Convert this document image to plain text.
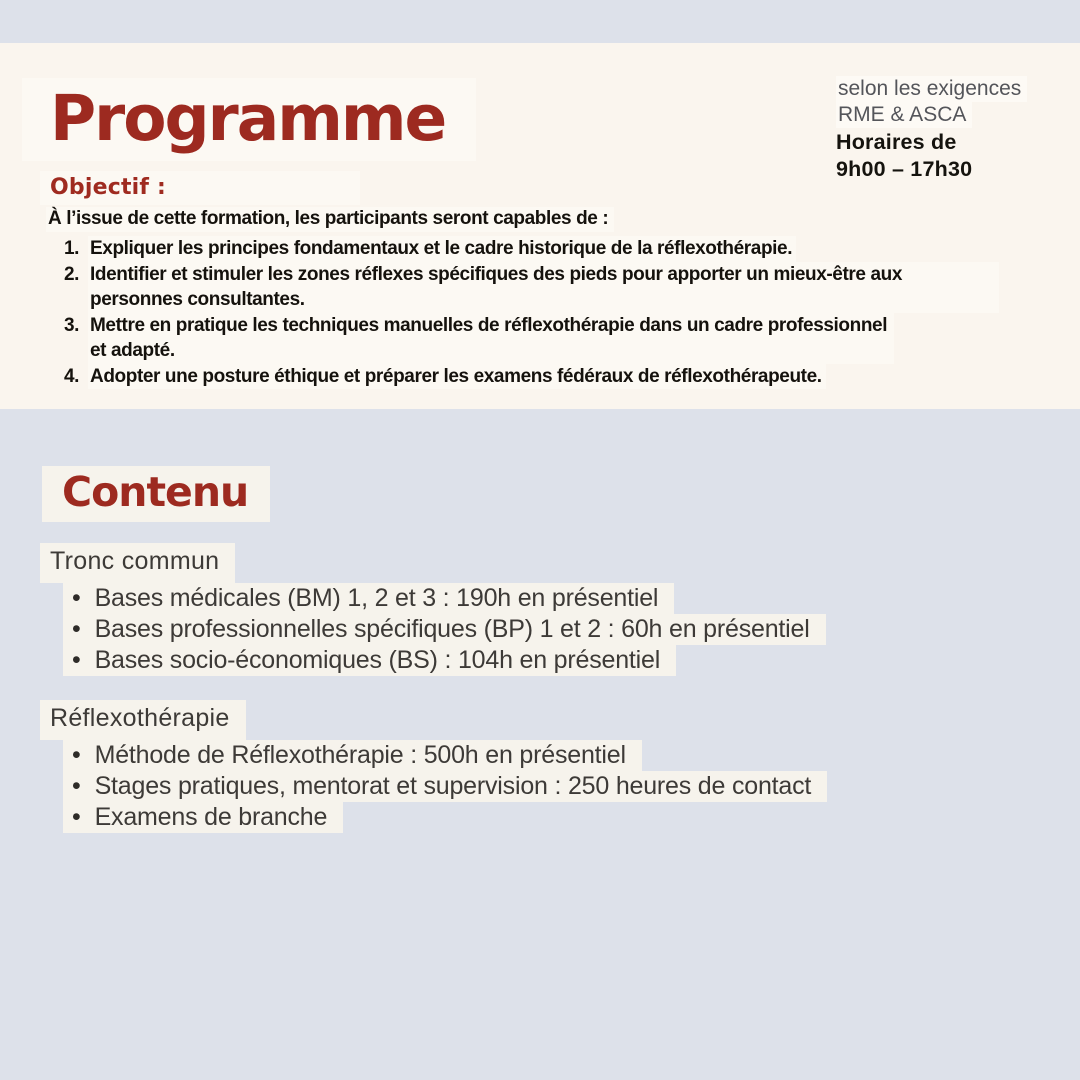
Programme	selon les exigences
RME & ASCA
Horaires de
9h00 – 17h30
Objectif :

À l’issue de cette formation, les participants seront capables de :

Expliquer les principes fondamentaux et le cadre historique de la réflexothérapie.
Identifier et stimuler les zones réflexes spécifiques des pieds pour apporter un mieux-être aux personnes consultantes.
Mettre en pratique les techniques manuelles de réflexothérapie dans un cadre professionnel et adapté.
Adopter une posture éthique et préparer les examens fédéraux de réflexothérapeute.
Contenu
Tronc commun
• Bases médicales (BM) 1, 2 et 3 : 190h en présentiel
• Bases professionnelles spécifiques (BP) 1 et 2 : 60h en présentiel
• Bases socio-économiques (BS) : 104h en présentiel
Réflexothérapie
• Méthode de Réflexothérapie : 500h en présentiel
• Stages pratiques, mentorat et supervision : 250 heures de contact
• Examens de branche
